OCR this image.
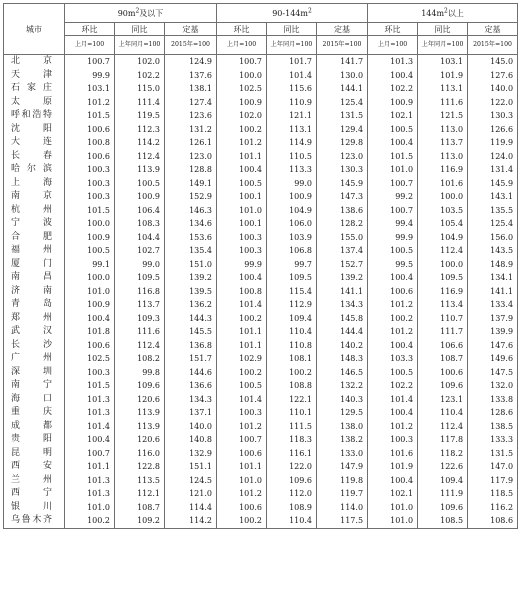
城市	$90m^2$及以下			$90-144m^2$			$144m^2$以上		
	环比	同比	定基	环比	同比	定基	环比	同比	定基
	上月=100	上年同月=100	2015年=100	上月=100	上年同月=100	2015年=100	上月=100	上年同月=100	2015年=100
北京	100.7	102.0	124.9	100.7	101.7	141.7	101.3	103.1	145.0
天津	99.9	102.2	137.6	100.0	101.4	130.0	100.4	101.9	127.6
石家庄	103.1	115.0	138.1	102.5	115.6	144.1	102.2	113.1	140.0
太原	101.2	111.4	127.4	100.9	110.9	125.4	100.9	111.6	122.0
呼和浩特	101.5	119.5	123.6	102.0	121.1	131.5	102.1	121.5	130.3
沈阳	100.6	112.3	131.2	100.2	113.1	129.4	100.5	113.0	126.6
大连	100.8	114.2	126.1	101.2	114.9	129.8	100.4	113.7	119.9
长春	100.6	112.4	123.0	101.1	110.5	123.0	101.5	113.0	124.0
哈尔滨	100.3	113.9	128.8	100.4	113.3	130.3	101.0	116.9	131.4
上海	100.3	100.5	149.1	100.5	99.0	145.9	100.7	101.6	145.9
南京	100.3	100.9	152.9	100.1	100.9	147.3	99.2	100.0	143.1
杭州	101.5	106.4	146.3	101.0	104.9	138.6	100.7	103.5	135.5
宁波	100.0	108.3	134.6	100.1	106.0	128.2	99.4	105.4	125.4
合肥	100.9	104.4	153.6	100.3	103.9	155.0	99.9	104.9	156.0
福州	100.5	102.7	135.4	100.3	106.8	137.4	100.5	112.4	143.5
厦门	99.1	99.0	151.0	99.9	99.7	152.7	99.5	100.0	148.9
南昌	100.0	109.5	139.2	100.4	109.5	139.2	100.4	109.5	134.1
济南	101.0	116.8	139.5	100.8	115.4	141.1	100.6	116.9	141.1
青岛	100.9	113.7	136.2	101.4	112.9	134.3	101.2	113.4	133.4
郑州	100.4	109.3	144.3	100.2	109.4	145.8	100.2	110.7	137.9
武汉	101.8	111.6	145.5	101.1	110.4	144.4	101.2	111.7	139.9
长沙	100.6	112.4	136.8	101.1	110.8	140.2	100.4	106.6	147.6
广州	102.5	108.2	151.7	102.9	108.1	148.3	103.3	108.7	149.6
深圳	100.3	99.8	144.6	100.2	100.2	146.5	100.5	100.6	147.5
南宁	101.5	109.6	136.6	100.5	108.8	132.2	102.2	109.6	132.0
海口	101.3	120.6	134.3	101.4	122.1	140.3	101.4	123.1	133.8
重庆	101.3	113.9	137.1	100.3	110.1	129.5	100.4	110.4	128.6
成都	101.4	113.9	140.0	101.2	111.5	138.0	101.2	112.4	138.5
贵阳	100.4	120.6	140.8	100.7	118.3	138.2	100.3	117.8	133.3
昆明	100.7	116.0	132.9	100.6	116.1	133.0	101.6	118.2	131.5
西安	101.1	122.8	151.1	101.1	122.0	147.9	101.9	122.6	147.0
兰州	101.3	113.5	124.5	101.0	109.6	119.8	100.4	109.4	117.9
西宁	101.3	112.1	121.0	101.2	112.0	119.7	102.1	111.9	118.5
银川	101.0	108.7	114.4	100.6	108.9	114.0	101.0	109.6	116.2
乌鲁木齐	100.2	109.2	114.2	100.2	110.4	117.5	101.0	108.5	108.6
